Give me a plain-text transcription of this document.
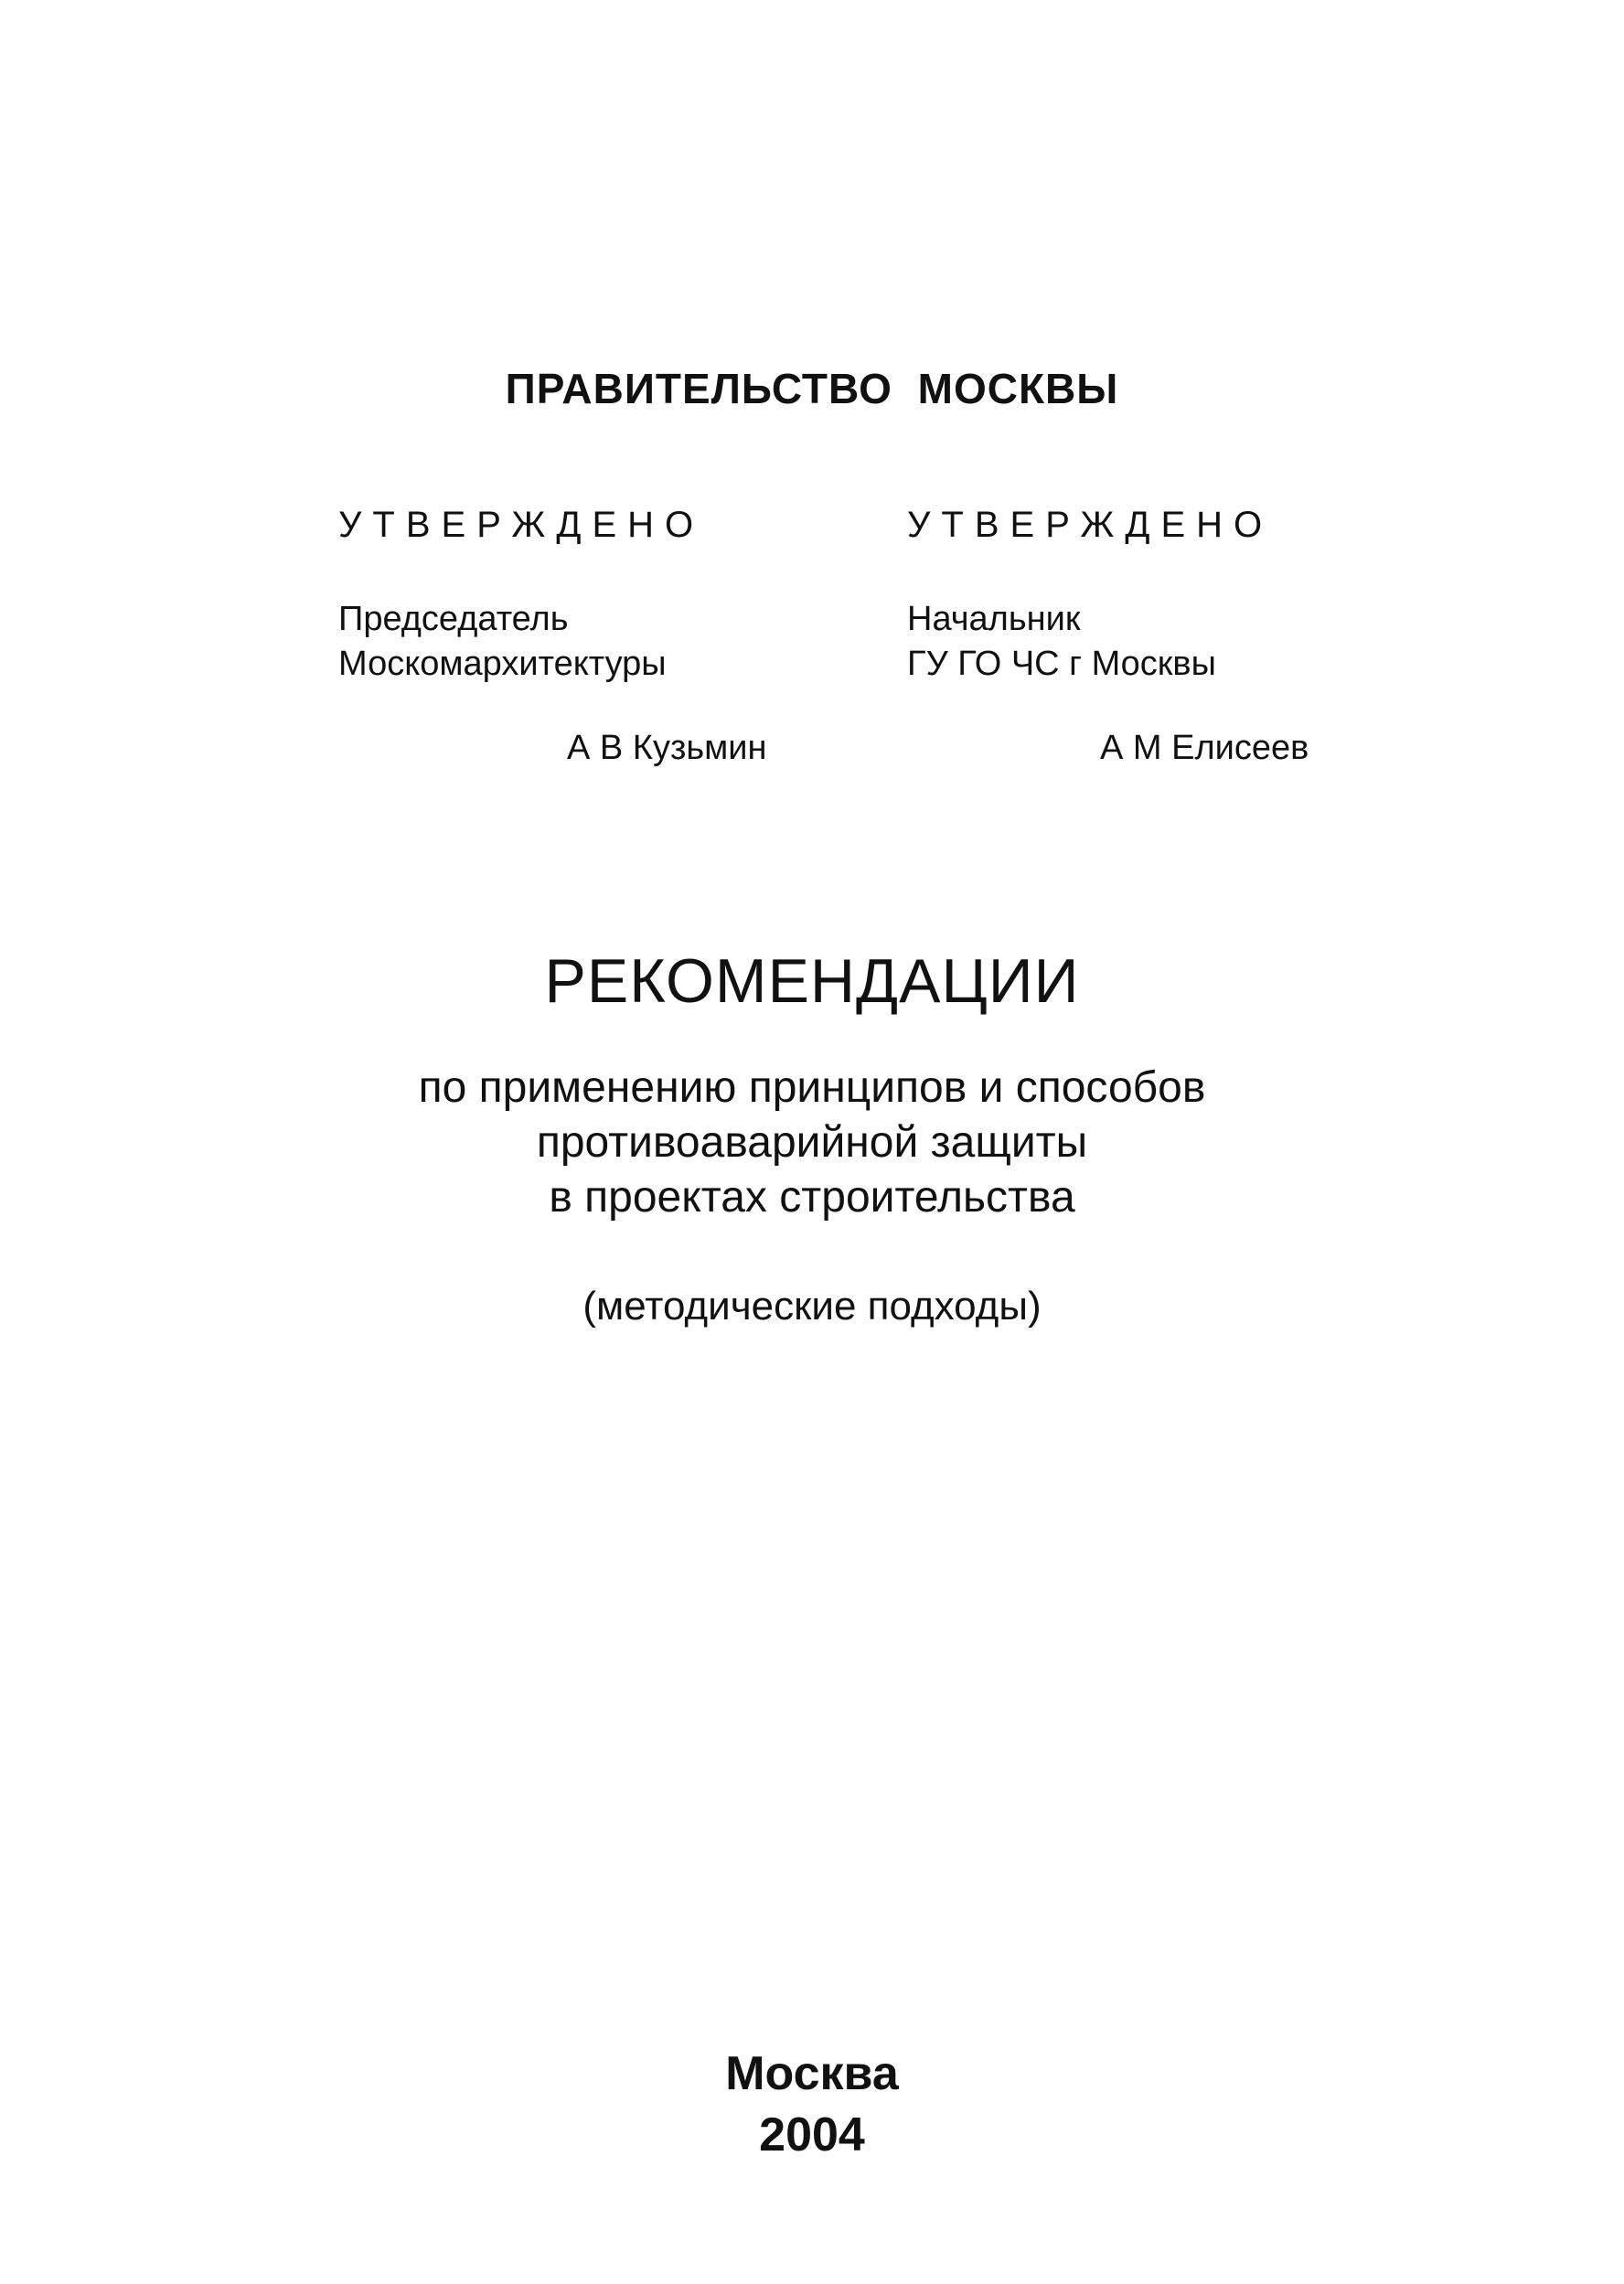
ПРАВИТЕЛЬСТВО МОСКВЫ
УТВЕРЖДЕНО	УТВЕРЖДЕНО
Председатель
Москомархитектуры
Начальник
ГУ ГО ЧС г Москвы
А В Кузьмин	А М Елисеев
РЕКОМЕНДАЦИИ
по применению принципов и способов
противоаварийной защиты
в проектах строительства
(методические подходы)
Москва
2004
